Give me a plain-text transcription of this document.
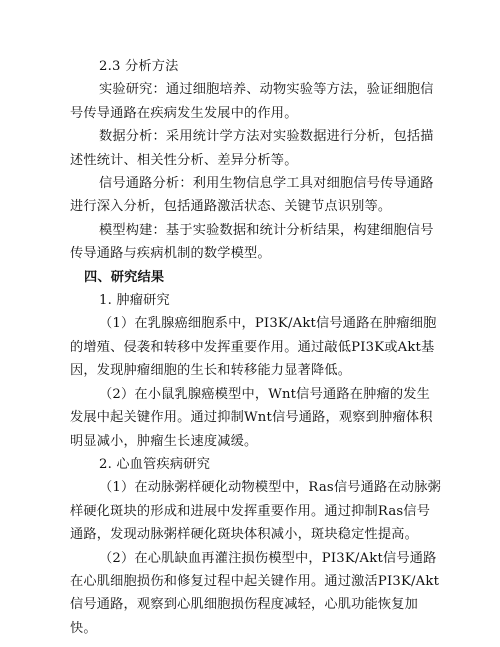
2.3 分析方法

实验研究：通过细胞培养、动物实验等方法，验证细胞信号传导通路在疾病发生发展中的作用。

数据分析：采用统计学方法对实验数据进行分析，包括描述性统计、相关性分析、差异分析等。

信号通路分析：利用生物信息学工具对细胞信号传导通路进行深入分析，包括通路激活状态、关键节点识别等。

模型构建：基于实验数据和统计分析结果，构建细胞信号传导通路与疾病机制的数学模型。

四、研究结果

1. 肿瘤研究

（1）在乳腺癌细胞系中，PI3K/Akt信号通路在肿瘤细胞的增殖、侵袭和转移中发挥重要作用。通过敲低PI3K或Akt基因，发现肿瘤细胞的生长和转移能力显著降低。

（2）在小鼠乳腺癌模型中，Wnt信号通路在肿瘤的发生发展中起关键作用。通过抑制Wnt信号通路，观察到肿瘤体积明显减小，肿瘤生长速度减缓。

2. 心血管疾病研究

（1）在动脉粥样硬化动物模型中，Ras信号通路在动脉粥样硬化斑块的形成和进展中发挥重要作用。通过抑制Ras信号通路，发现动脉粥样硬化斑块体积减小，斑块稳定性提高。

（2）在心肌缺血再灌注损伤模型中，PI3K/Akt信号通路在心肌细胞损伤和修复过程中起关键作用。通过激活PI3K/Akt信号通路，观察到心肌细胞损伤程度减轻，心肌功能恢复加快。
